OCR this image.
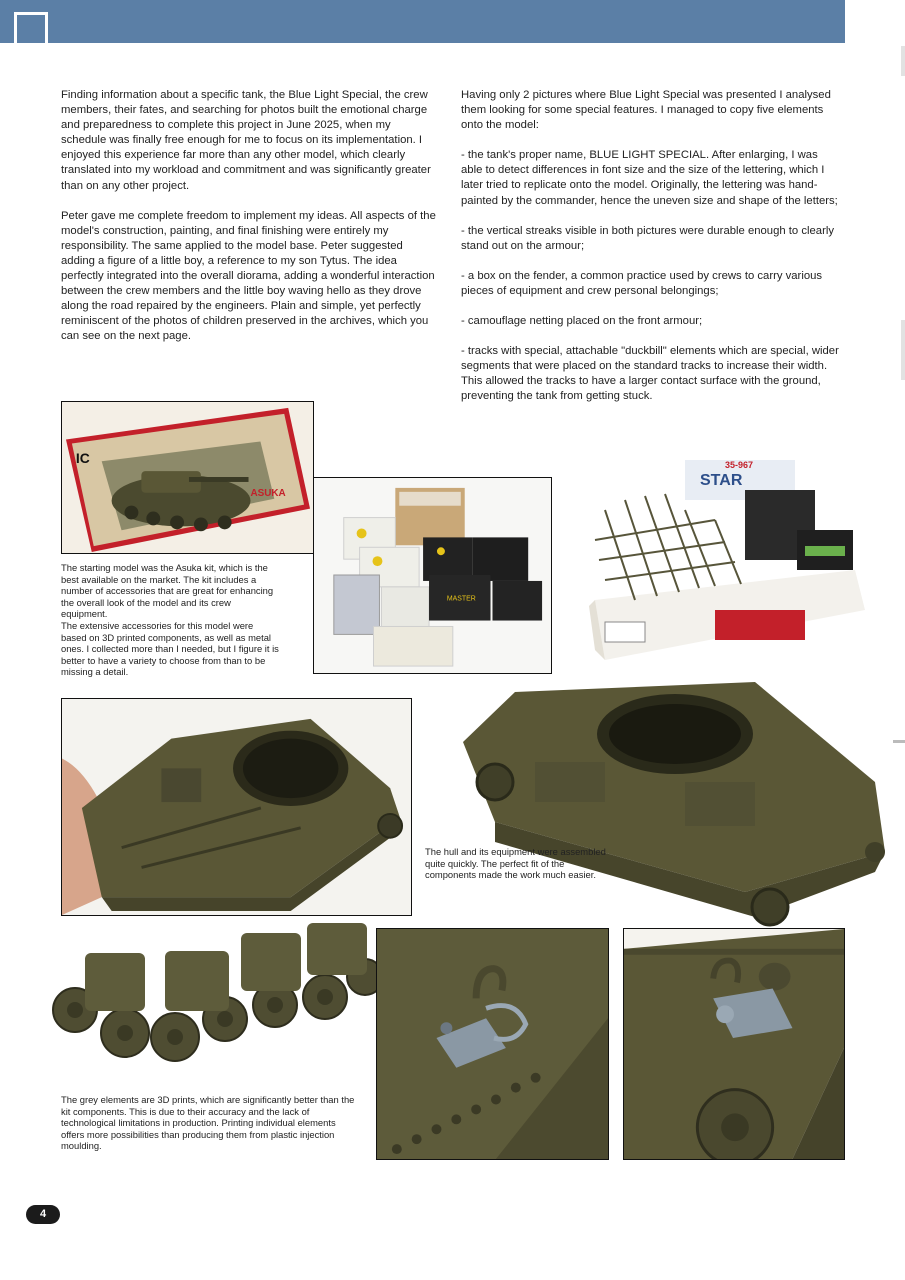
Finding information about a specific tank, the Blue Light Special, the crew members, their fates, and searching for photos built the emotional charge and preparedness to complete this project in June 2025, when my schedule was finally free enough for me to focus on its implementation. I enjoyed this experience far more than any other model, which clearly translated into my workload and commitment and was significantly greater than on any other project.

Peter gave me complete freedom to implement my ideas. All aspects of the model's construction, painting, and final finishing were entirely my responsibility. The same applied to the model base. Peter suggested adding a figure of a little boy, a reference to my son Tytus. The idea perfectly integrated into the overall diorama, adding a wonderful interaction between the crew members and the little boy waving hello as they drove along the road repaired by the engineers. Plain and simple, yet perfectly reminiscent of the photos of children preserved in the archives, which you can see on the next page.

Having only 2 pictures where Blue Light Special was presented I analysed them looking for some special features. I managed to copy five elements onto the model:

- the tank's proper name, BLUE LIGHT SPECIAL. After enlarging, I was able to detect differences in font size and the size of the lettering, which I later tried to replicate onto the model. Originally, the lettering was hand-painted by the commander, hence the uneven size and shape of the letters;

- the vertical streaks visible in both pictures were durable enough to clearly stand out on the armour;

- a box on the fender, a common practice used by crews to carry various pieces of equipment and crew personal belongings;

- camouflage netting placed on the front armour;

- tracks with special, attachable "duckbill" elements which are special, wider segments that were placed on the standard tracks to increase their width. This allowed the tracks to have a larger contact surface with the ground, preventing the tank from getting stuck.

IC
ASUKA
MASTER
STAR
35-967
The starting model was the Asuka kit, which is the best available on the market. The kit includes a number of accessories that are great for enhancing the overall look of the model and its crew equipment.
The extensive accessories for this model were based on 3D printed components, as well as metal ones. I collected more than I needed, but I figure it is better to have a variety to choose from than to be missing a detail.
The hull and its equipment were assembled quite quickly. The perfect fit of the components made the work much easier.
The grey elements are 3D prints, which are significantly better than the kit components. This is due to their accuracy and the lack of technological limitations in production. Printing individual elements offers more possibilities than producing them from plastic injection moulding.
4
